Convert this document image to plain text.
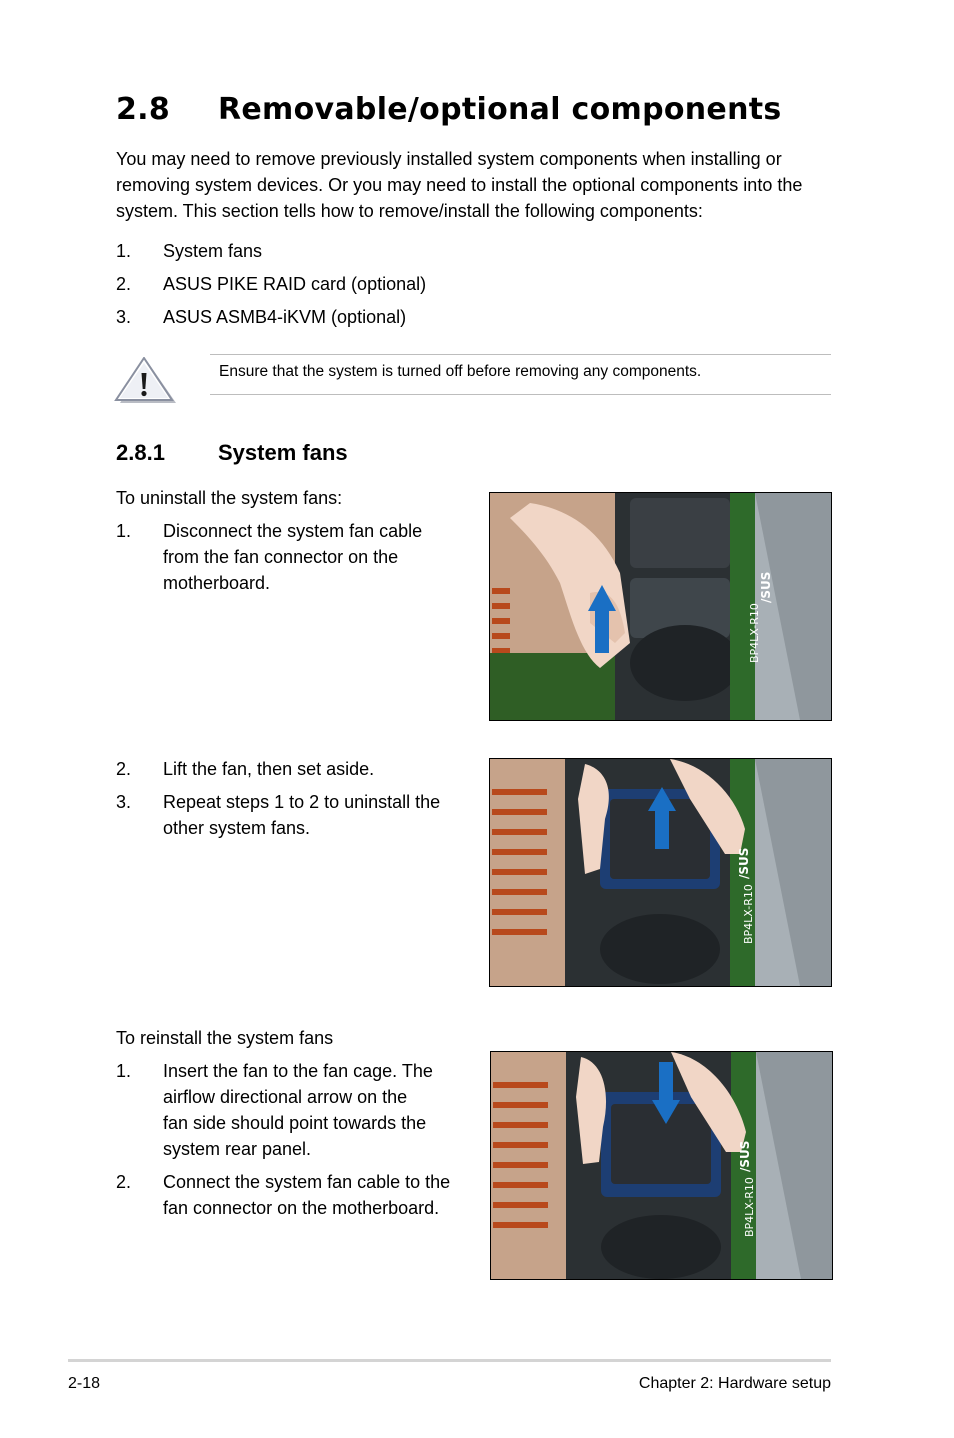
2.8 Removable/optional components

You may need to remove previously installed system components when installing or removing system devices. Or you may need to install the optional components into the system. This section tells how to remove/install the following components:

1. System fans
2. ASUS PIKE RAID card (optional)
3. ASUS ASMB4-iKVM (optional)
Ensure that the system is turned off before removing any components.
2.8.1 System fans
To uninstall the system fans:
1. Disconnect the system fan cable
from the fan connector on the
motherboard.
2. Lift the fan, then set aside.
3. Repeat steps 1 to 2 to uninstall the
other system fans.
To reinstall the system fans
1. Insert the fan to the fan cage. The
airflow directional arrow on the
fan side should point towards the
system rear panel.
2. Connect the system fan cable to the
fan connector on the motherboard.
BP4LX-R10
/SUS
BP4LX-R10
/SUS
BP4LX-R10
/SUS
2-18	Chapter 2: Hardware setup
